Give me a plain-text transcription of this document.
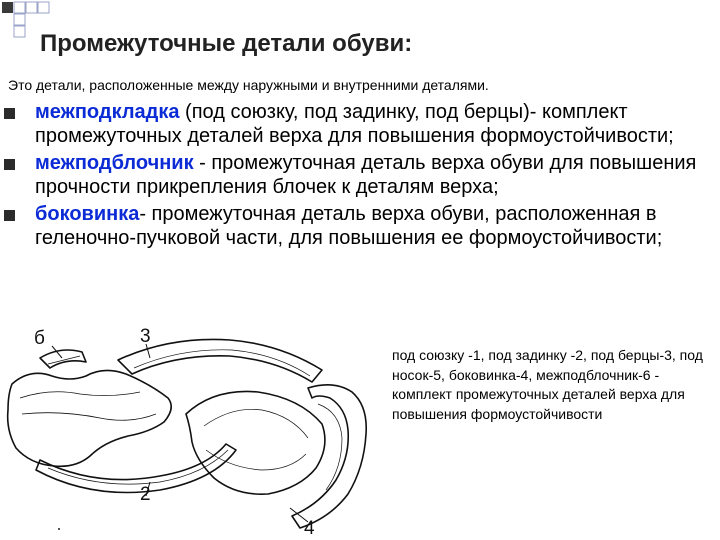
Промежуточные детали обуви:
Это детали, расположенные между наружными и внутренними деталями.
межподкладка (под союзку, под задинку, под берцы)- комплект промежуточных деталей верха для повышения формоустойчивости;
межподблочник - промежуточная деталь верха обуви для повышения прочности прикрепления блочек к деталям верха;
боковинка- промежуточная деталь верха обуви, расположенная в геленочно-пучковой части, для повышения ее формоустойчивости;
б	3
2
4
под союзку -1, под задинку -2, под берцы-3, под носок-5, боковинка-4, межподблочник-6 - комплект промежуточных деталей верха для повышения формоустойчивости
